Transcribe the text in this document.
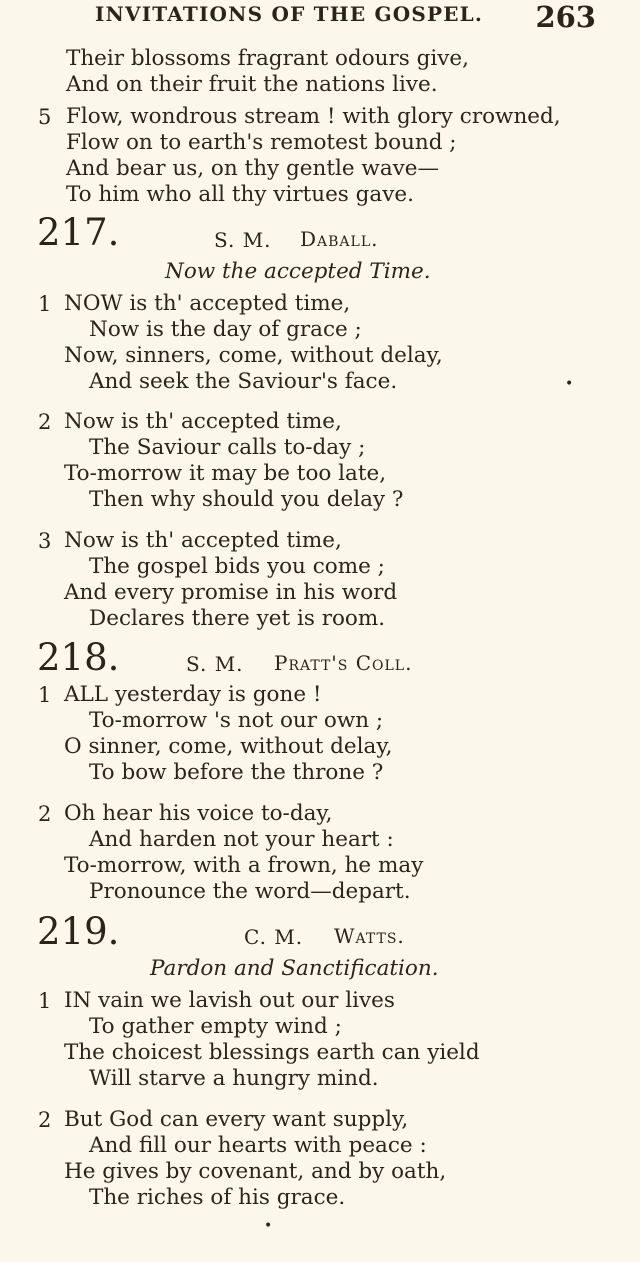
INVITATIONS OF THE GOSPEL. 263
Their blossoms fragrant odours give,
And on their fruit the nations live.
5 Flow, wondrous stream ! with glory crowned,
Flow on to earth's remotest bound ;
And bear us, on thy gentle wave—
To him who all thy virtues gave.
217.	S. M. Daball.
Now the accepted Time.
1 NOW is th' accepted time,
Now is the day of grace ;
Now, sinners, come, without delay,
And seek the Saviour's face.
2 Now is th' accepted time,
The Saviour calls to-day ;
To-morrow it may be too late,
Then why should you delay ?
3 Now is th' accepted time,
The gospel bids you come ;
And every promise in his word
Declares there yet is room.
218.	S. M. Pratt's Coll.
1 ALL yesterday is gone !
To-morrow 's not our own ;
O sinner, come, without delay,
To bow before the throne ?
2 Oh hear his voice to-day,
And harden not your heart :
To-morrow, with a frown, he may
Pronounce the word—depart.
219.	C. M. Watts.
Pardon and Sanctification.
1 IN vain we lavish out our lives
To gather empty wind ;
The choicest blessings earth can yield
Will starve a hungry mind.
2 But God can every want supply,
And fill our hearts with peace :
He gives by covenant, and by oath,
The riches of his grace.
•
•
